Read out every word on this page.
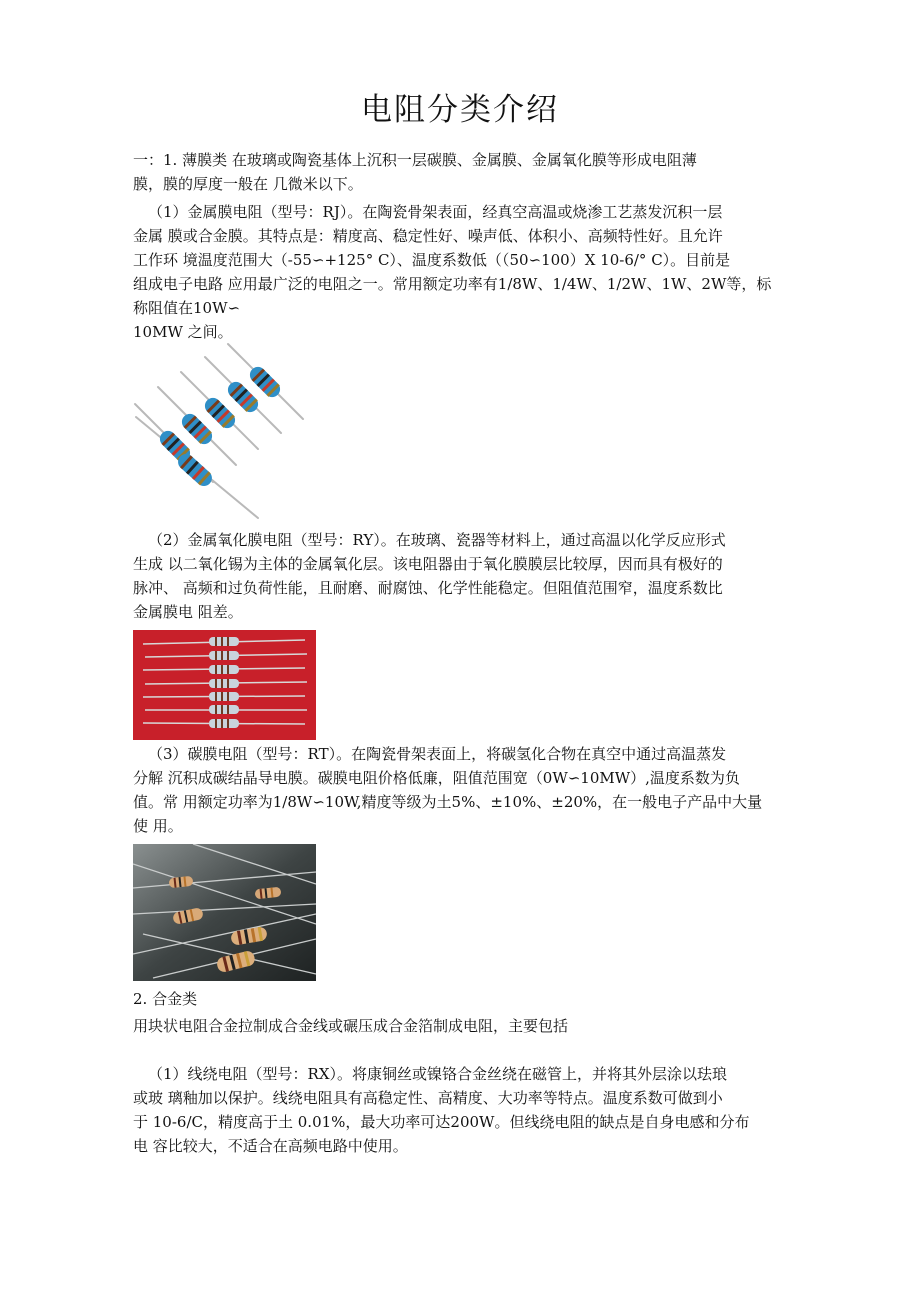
电阻分类介绍

一：1. 薄膜类 在玻璃或陶瓷基体上沉积一层碳膜、金属膜、金属氧化膜等形成电阻薄
膜，膜的厚度一般在 几微米以下。

（1）金属膜电阻（型号：RJ）。在陶瓷骨架表面，经真空高温或烧渗工艺蒸发沉积一层
金属 膜或合金膜。其特点是：精度高、稳定性好、噪声低、体积小、高频特性好。且允许
工作环 境温度范围大（-55∽+125° C）、温度系数低（（50∽100）X 10-6/° C）。目前是
组成电子电路 应用最广泛的电阻之一。常用额定功率有1/8W、1/4W、1/2W、1W、2W等，标
称阻值在10W∽
10MW 之间。

（2）金属氧化膜电阻（型号：RY）。在玻璃、瓷器等材料上，通过高温以化学反应形式
生成 以二氧化锡为主体的金属氧化层。该电阻器由于氧化膜膜层比较厚，因而具有极好的
脉冲、 高频和过负荷性能，且耐磨、耐腐蚀、化学性能稳定。但阻值范围窄，温度系数比
金属膜电 阻差。

（3）碳膜电阻（型号：RT）。在陶瓷骨架表面上，将碳氢化合物在真空中通过高温蒸发
分解 沉积成碳结晶导电膜。碳膜电阻价格低廉，阻值范围宽（0W∽10MW）,温度系数为负
值。常 用额定功率为1/8W∽10W,精度等级为土5%、±10%、±20%，在一般电子产品中大量
使 用。

2. 合金类

用块状电阻合金拉制成合金线或碾压成合金箔制成电阻，主要包括

（1）线绕电阻（型号：RX）。将康铜丝或镍铬合金丝绕在磁管上，并将其外层涂以珐琅
或玻 璃釉加以保护。线绕电阻具有高稳定性、高精度、大功率等特点。温度系数可做到小
于 10-6/C，精度高于土 0.01%，最大功率可达200W。但线绕电阻的缺点是自身电感和分布
电 容比较大，不适合在高频电路中使用。
